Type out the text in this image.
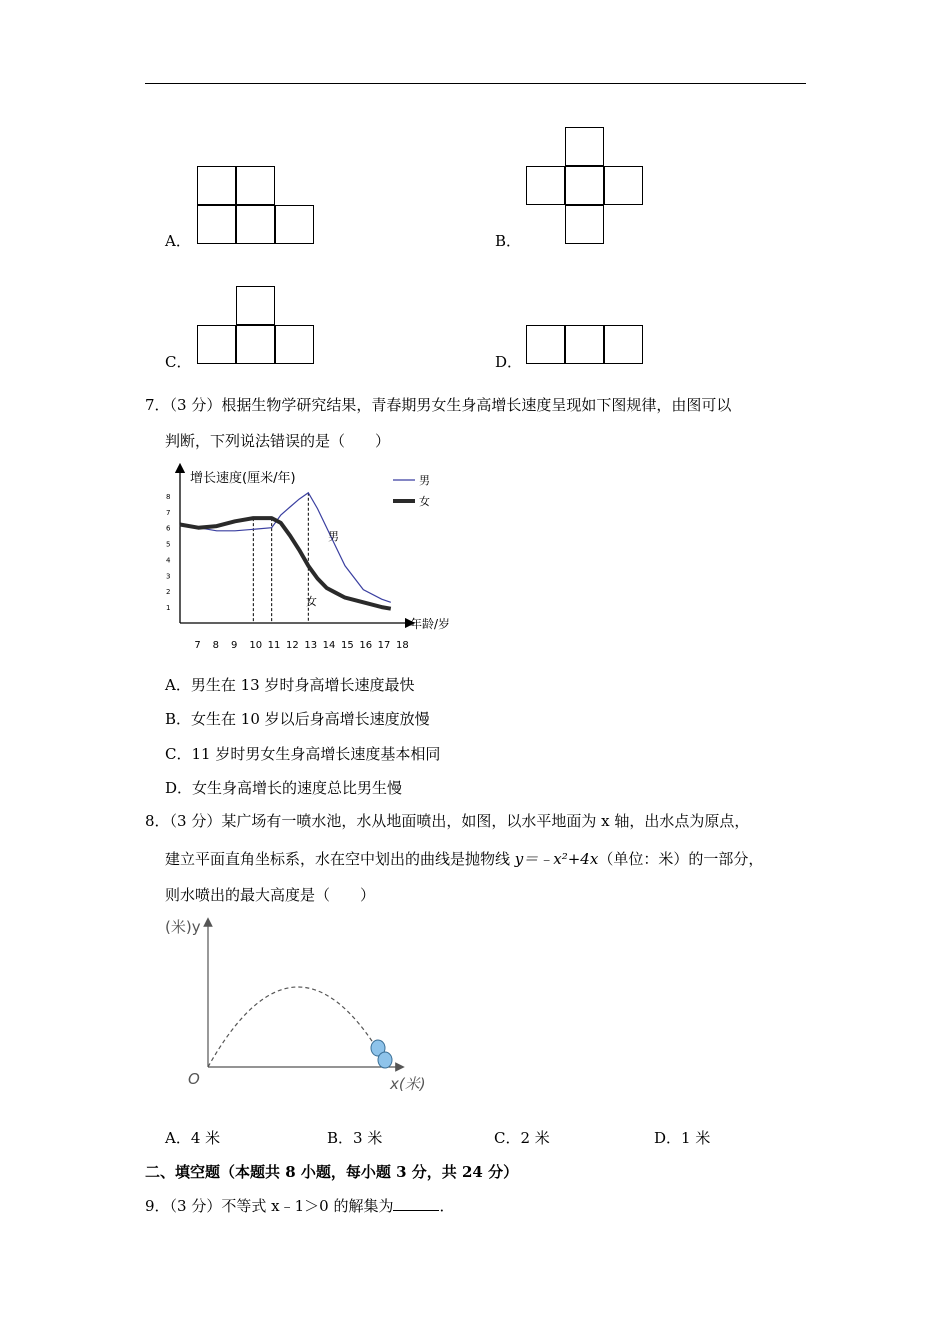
A．	B．
C．	D．
7．（3 分）根据生物学研究结果，青春期男女生身高增长速度呈现如下图规律，由图可以
判断，下列说法错误的是（　　）
增长速度(厘米/年)
年龄/岁
1
2
3
4
5
6
7
8
7 8 9 10 11 12 13 14 15 16 17 18
男
女
男
女
A．男生在 13 岁时身高增长速度最快
B．女生在 10 岁以后身高增长速度放慢
C．11 岁时男女生身高增长速度基本相同
D．女生身高增长的速度总比男生慢
8．（3 分）某广场有一喷水池，水从地面喷出，如图，以水平地面为 x 轴，出水点为原点，
建立平面直角坐标系，水在空中划出的曲线是抛物线 y＝﹣x²+4x（单位：米）的一部分，
则水喷出的最大高度是（　　）
(米)y
x(米)
O
A．4 米	B．3 米	C．2 米	D．1 米
二、填空题（本题共 8 小题，每小题 3 分，共 24 分）
9．（3 分）不等式 x﹣1＞0 的解集为	．
